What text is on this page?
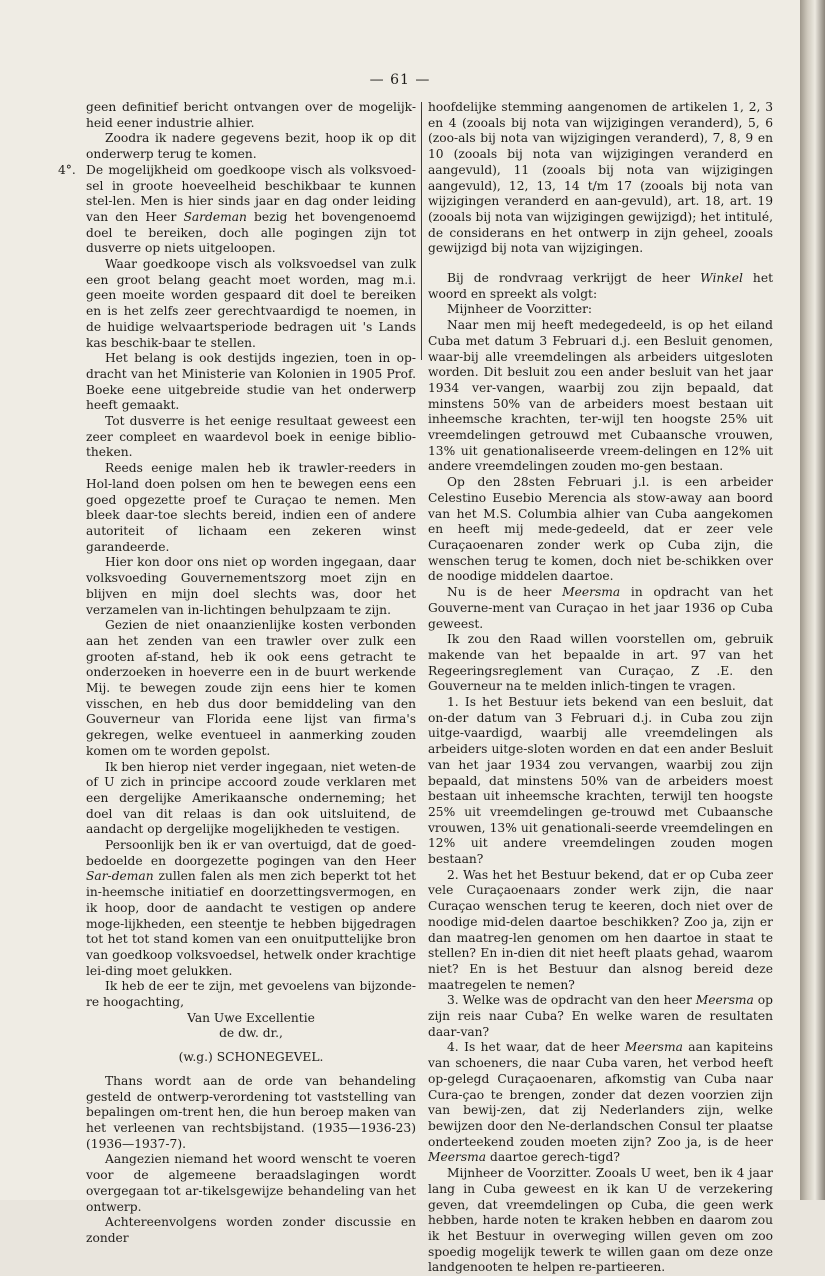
— 61 —

geen definitief bericht ontvangen over de mogelijk-heid eener industrie alhier.

Zoodra ik nadere gegevens bezit, hoop ik op dit onderwerp terug te komen.

4°. De mogelijkheid om goedkoope visch als volksvoed-sel in groote hoeveelheid beschikbaar te kunnen stel-len. Men is hier sinds jaar en dag onder leiding van den Heer Sardeman bezig het bovengenoemd doel te bereiken, doch alle pogingen zijn tot dusverre op niets uitgeloopen.

Waar goedkoope visch als volksvoedsel van zulk een groot belang geacht moet worden, mag m.i. geen moeite worden gespaard dit doel te bereiken en is het zelfs zeer gerechtvaardigd te noemen, in de huidige welvaartsperiode bedragen uit 's Lands kas beschik-baar te stellen.

Het belang is ook destijds ingezien, toen in op-dracht van het Ministerie van Kolonien in 1905 Prof. Boeke eene uitgebreide studie van het onderwerp heeft gemaakt.

Tot dusverre is het eenige resultaat geweest een zeer compleet en waardevol boek in eenige biblio-theken.

Reeds eenige malen heb ik trawler-reeders in Hol-land doen polsen om hen te bewegen eens een goed opgezette proef te Curaçao te nemen. Men bleek daar-toe slechts bereid, indien een of andere autoriteit of lichaam een zekeren winst garandeerde.

Hier kon door ons niet op worden ingegaan, daar volksvoeding Gouvernementszorg moet zijn en blijven en mijn doel slechts was, door het verzamelen van in-lichtingen behulpzaam te zijn.

Gezien de niet onaanzienlijke kosten verbonden aan het zenden van een trawler over zulk een grooten af-stand, heb ik ook eens getracht te onderzoeken in hoeverre een in de buurt werkende Mij. te bewegen zoude zijn eens hier te komen visschen, en heb dus door bemiddeling van den Gouverneur van Florida eene lijst van firma's gekregen, welke eventueel in aanmerking zouden komen om te worden gepolst.

Ik ben hierop niet verder ingegaan, niet weten-de of U zich in principe accoord zoude verklaren met een dergelijke Amerikaansche onderneming; het doel van dit relaas is dan ook uitsluitend, de aandacht op dergelijke mogelijkheden te vestigen.

Persoonlijk ben ik er van overtuigd, dat de goed-bedoelde en doorgezette pogingen van den Heer Sar-deman zullen falen als men zich beperkt tot het in-heemsche initiatief en doorzettingsvermogen, en ik hoop, door de aandacht te vestigen op andere moge-lijkheden, een steentje te hebben bijgedragen tot het tot stand komen van een onuitputtelijke bron van goedkoop volksvoedsel, hetwelk onder krachtige lei-ding moet gelukken.

Ik heb de eer te zijn, met gevoelens van bijzonde-re hoogachting,

Van Uwe Excellentie

de dw. dr.,

(w.g.) SCHONEGEVEL.

Thans wordt aan de orde van behandeling gesteld de ontwerp-verordening tot vaststelling van bepalingen om-trent hen, die hun beroep maken van het verleenen van rechtsbijstand. (1935—1936-23) (1936—1937-7).

Aangezien niemand het woord wenscht te voeren voor de algemeene beraadslagingen wordt overgegaan tot ar-tikelsgewijze behandeling van het ontwerp.

Achtereenvolgens worden zonder discussie en zonder

hoofdelijke stemming aangenomen de artikelen 1, 2, 3 en 4 (zooals bij nota van wijzigingen veranderd), 5, 6 (zoo-als bij nota van wijzigingen veranderd), 7, 8, 9 en 10 (zooals bij nota van wijzigingen veranderd en aangevuld), 11 (zooals bij nota van wijzigingen aangevuld), 12, 13, 14 t/m 17 (zooals bij nota van wijzigingen veranderd en aan-gevuld), art. 18, art. 19 (zooals bij nota van wijzigingen gewijzigd); het intitulé, de considerans en het ontwerp in zijn geheel, zooals gewijzigd bij nota van wijzigingen.

Bij de rondvraag verkrijgt de heer Winkel het woord en spreekt als volgt:

Mijnheer de Voorzitter:

Naar men mij heeft medegedeeld, is op het eiland Cuba met datum 3 Februari d.j. een Besluit genomen, waar-bij alle vreemdelingen als arbeiders uitgesloten worden. Dit besluit zou een ander besluit van het jaar 1934 ver-vangen, waarbij zou zijn bepaald, dat minstens 50% van de arbeiders moest bestaan uit inheemsche krachten, ter-wijl ten hoogste 25% uit vreemdelingen getrouwd met Cubaansche vrouwen, 13% uit genationaliseerde vreem-delingen en 12% uit andere vreemdelingen zouden mo-gen bestaan.

Op den 28sten Februari j.l. is een arbeider Celestino Eusebio Merencia als stow-away aan boord van het M.S. Columbia alhier van Cuba aangekomen en heeft mij mede-gedeeld, dat er zeer vele Curaçaoenaren zonder werk op Cuba zijn, die wenschen terug te komen, doch niet be-schikken over de noodige middelen daartoe.

Nu is de heer Meersma in opdracht van het Gouverne-ment van Curaçao in het jaar 1936 op Cuba geweest.

Ik zou den Raad willen voorstellen om, gebruik makende van het bepaalde in art. 97 van het Regeeringsreglement van Curaçao, Z .E. den Gouverneur na te melden inlich-tingen te vragen.

1. Is het Bestuur iets bekend van een besluit, dat on-der datum van 3 Februari d.j. in Cuba zou zijn uitge-vaardigd, waarbij alle vreemdelingen als arbeiders uitge-sloten worden en dat een ander Besluit van het jaar 1934 zou vervangen, waarbij zou zijn bepaald, dat minstens 50% van de arbeiders moest bestaan uit inheemsche krachten, terwijl ten hoogste 25% uit vreemdelingen ge-trouwd met Cubaansche vrouwen, 13% uit genationali-seerde vreemdelingen en 12% uit andere vreemdelingen zouden mogen bestaan?

2. Was het het Bestuur bekend, dat er op Cuba zeer vele Curaçaoenaars zonder werk zijn, die naar Curaçao wenschen terug te keeren, doch niet over de noodige mid-delen daartoe beschikken? Zoo ja, zijn er dan maatreg-len genomen om hen daartoe in staat te stellen? En in-dien dit niet heeft plaats gehad, waarom niet? En is het Bestuur dan alsnog bereid deze maatregelen te nemen?

3. Welke was de opdracht van den heer Meersma op zijn reis naar Cuba? En welke waren de resultaten daar-van?

4. Is het waar, dat de heer Meersma aan kapiteins van schoeners, die naar Cuba varen, het verbod heeft op-gelegd Curaçaoenaren, afkomstig van Cuba naar Cura-çao te brengen, zonder dat dezen voorzien zijn van bewij-zen, dat zij Nederlanders zijn, welke bewijzen door den Ne-derlandschen Consul ter plaatse onderteekend zouden moeten zijn? Zoo ja, is de heer Meersma daartoe gerech-tigd?

Mijnheer de Voorzitter. Zooals U weet, ben ik 4 jaar lang in Cuba geweest en ik kan U de verzekering geven, dat vreemdelingen op Cuba, die geen werk hebben, harde noten te kraken hebben en daarom zou ik het Bestuur in overweging willen geven om zoo spoedig mogelijk tewerk te willen gaan om deze onze landgenooten te helpen re-partieeren.
